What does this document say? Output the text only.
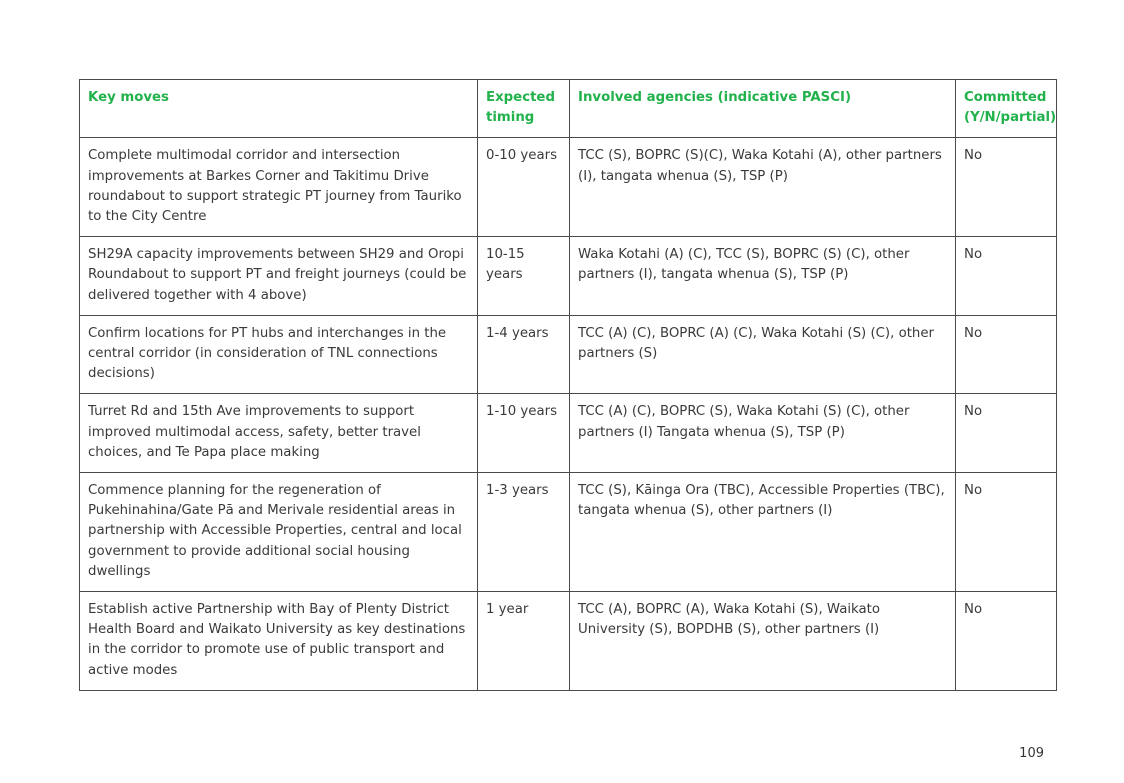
Key moves	Expected timing	Involved agencies (indicative PASCI)	Committed (Y/N/partial)
Complete multimodal corridor and intersection improvements at Barkes Corner and Takitimu Drive roundabout to support strategic PT journey from Tauriko to the City Centre	0-10 years	TCC (S), BOPRC (S)(C), Waka Kotahi (A), other partners (I), tangata whenua (S), TSP (P)	No
SH29A capacity improvements between SH29 and Oropi Roundabout to support PT and freight journeys (could be delivered together with 4 above)	10-15 years	Waka Kotahi (A) (C), TCC (S), BOPRC (S) (C), other partners (I), tangata whenua (S), TSP (P)	No
Confirm locations for PT hubs and interchanges in the central corridor (in consideration of TNL connections decisions)	1-4 years	TCC (A) (C), BOPRC (A) (C), Waka Kotahi (S) (C), other partners (S)	No
Turret Rd and 15th Ave improvements to support improved multimodal access, safety, better travel choices, and Te Papa place making	1-10 years	TCC (A) (C), BOPRC (S), Waka Kotahi (S) (C), other partners (I) Tangata whenua (S), TSP (P)	No
Commence planning for the regeneration of Pukehinahina/Gate Pā and Merivale residential areas in partnership with Accessible Properties, central and local government to provide additional social housing dwellings	1-3 years	TCC (S), Kāinga Ora (TBC), Accessible Properties (TBC), tangata whenua (S), other partners (I)	No
Establish active Partnership with Bay of Plenty District Health Board and Waikato University as key destinations in the corridor to promote use of public transport and active modes	1 year	TCC (A), BOPRC (A), Waka Kotahi (S), Waikato University (S), BOPDHB (S), other partners (I)	No
109
